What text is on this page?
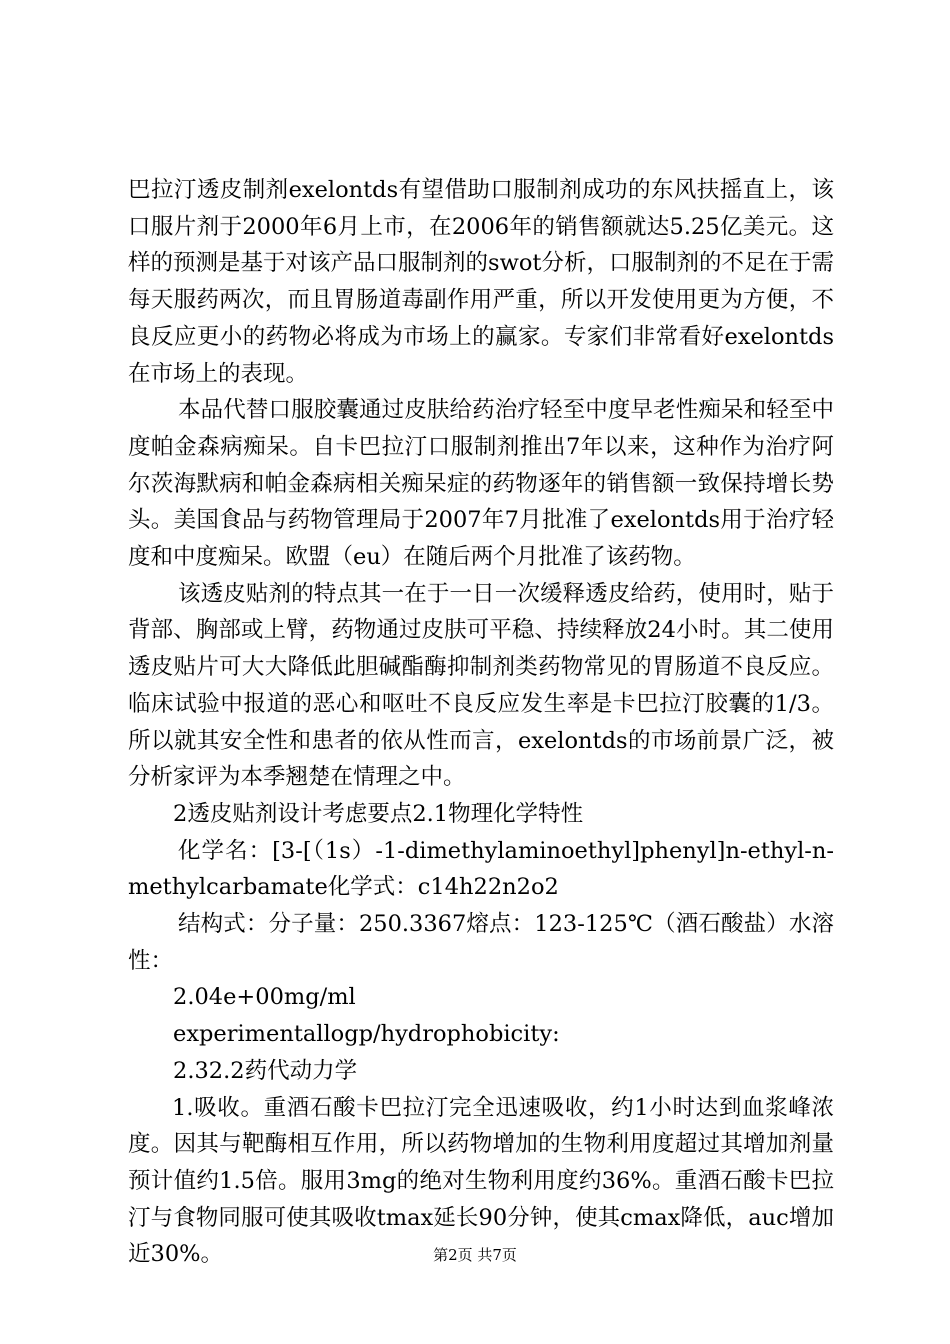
巴拉汀透皮制剂exelontds有望借助口服制剂成功的东风扶摇直上，该口服片剂于2000年6月上市，在2006年的销售额就达5.25亿美元。这样的预测是基于对该产品口服制剂的swot分析，口服制剂的不足在于需每天服药两次，而且胃肠道毒副作用严重，所以开发使用更为方便，不良反应更小的药物必将成为市场上的赢家。专家们非常看好exelontds在市场上的表现。

本品代替口服胶囊通过皮肤给药治疗轻至中度早老性痴呆和轻至中度帕金森病痴呆。自卡巴拉汀口服制剂推出7年以来，这种作为治疗阿尔茨海默病和帕金森病相关痴呆症的药物逐年的销售额一致保持增长势头。美国食品与药物管理局于2007年7月批准了exelontds用于治疗轻度和中度痴呆。欧盟（eu）在随后两个月批准了该药物。

该透皮贴剂的特点其一在于一日一次缓释透皮给药，使用时，贴于背部、胸部或上臂，药物通过皮肤可平稳、持续释放24小时。其二使用透皮贴片可大大降低此胆碱酯酶抑制剂类药物常见的胃肠道不良反应。临床试验中报道的恶心和呕吐不良反应发生率是卡巴拉汀胶囊的1/3。所以就其安全性和患者的依从性而言，exelontds的市场前景广泛，被分析家评为本季翘楚在情理之中。

2透皮贴剂设计考虑要点2.1物理化学特性

化学名：[3-[（1s）-1-dimethylaminoethyl]phenyl]n-ethyl-n-methylcarbamate化学式：c14h22n2o2

结构式：分子量：250.3367熔点：123-125℃（酒石酸盐）水溶性：

2.04e+00mg/ml

experimentallogp/hydrophobicity:

2.32.2药代动力学

1.吸收。重酒石酸卡巴拉汀完全迅速吸收，约1小时达到血浆峰浓度。因其与靶酶相互作用，所以药物增加的生物利用度超过其增加剂量预计值约1.5倍。服用3mg的绝对生物利用度约36%。重酒石酸卡巴拉汀与食物同服可使其吸收tmax延长90分钟，使其cmax降低，auc增加近30%。	第2页 共7页
